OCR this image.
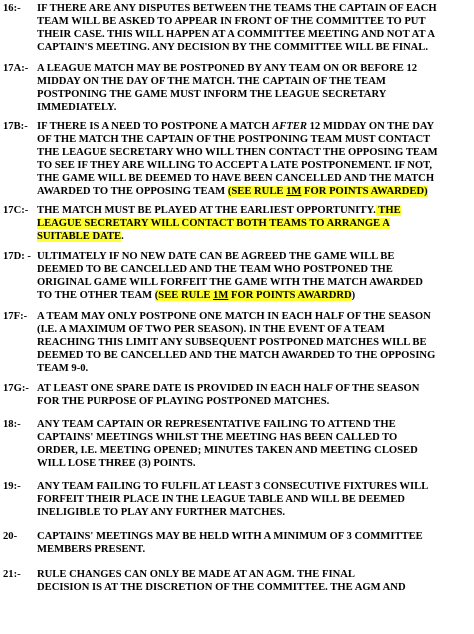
16:- IF THERE ARE ANY DISPUTES BETWEEN THE TEAMS THE CAPTAIN OF EACH
TEAM WILL BE ASKED TO APPEAR IN FRONT OF THE COMMITTEE TO PUT
THEIR CASE. THIS WILL HAPPEN AT A COMMITTEE MEETING AND NOT AT A
CAPTAIN'S MEETING. ANY DECISION BY THE COMMITTEE WILL BE FINAL.
17A:- A LEAGUE MATCH MAY BE POSTPONED BY ANY TEAM ON OR BEFORE 12
MIDDAY ON THE DAY OF THE MATCH. THE CAPTAIN OF THE TEAM
POSTPONING THE GAME MUST INFORM THE LEAGUE SECRETARY
IMMEDIATELY.
17B:- IF THERE IS A NEED TO POSTPONE A MATCH AFTER 12 MIDDAY ON THE DAY
OF THE MATCH THE CAPTAIN OF THE POSTPONING TEAM MUST CONTACT
THE LEAGUE SECRETARY WHO WILL THEN CONTACT THE OPPOSING TEAM
TO SEE IF THEY ARE WILLING TO ACCEPT A LATE POSTPONEMENT. IF NOT,
THE GAME WILL BE DEEMED TO HAVE BEEN CANCELLED AND THE MATCH
AWARDED TO THE OPPOSING TEAM (SEE RULE 1M FOR POINTS AWARDED)
17C:- THE MATCH MUST BE PLAYED AT THE EARLIEST OPPORTUNITY. THE
LEAGUE SECRETARY WILL CONTACT BOTH TEAMS TO ARRANGE A
SUITABLE DATE.
17D: - ULTIMATELY IF NO NEW DATE CAN BE AGREED THE GAME WILL BE
DEEMED TO BE CANCELLED AND THE TEAM WHO POSTPONED THE
ORIGINAL GAME WILL FORFEIT THE GAME WITH THE MATCH AWARDED
TO THE OTHER TEAM (SEE RULE 1M FOR POINTS AWARDRD)
17F:- A TEAM MAY ONLY POSTPONE ONE MATCH IN EACH HALF OF THE SEASON
(I.E. A MAXIMUM OF TWO PER SEASON). IN THE EVENT OF A TEAM
REACHING THIS LIMIT ANY SUBSEQUENT POSTPONED MATCHES WILL BE
DEEMED TO BE CANCELLED AND THE MATCH AWARDED TO THE OPPOSING
TEAM 9-0.
17G:- AT LEAST ONE SPARE DATE IS PROVIDED IN EACH HALF OF THE SEASON
FOR THE PURPOSE OF PLAYING POSTPONED MATCHES.
18:- ANY TEAM CAPTAIN OR REPRESENTATIVE FAILING TO ATTEND THE
CAPTAINS' MEETINGS WHILST THE MEETING HAS BEEN CALLED TO
ORDER, I.E. MEETING OPENED; MINUTES TAKEN AND MEETING CLOSED
WILL LOSE THREE (3) POINTS.
19:- ANY TEAM FAILING TO FULFIL AT LEAST 3 CONSECUTIVE FIXTURES WILL
FORFEIT THEIR PLACE IN THE LEAGUE TABLE AND WILL BE DEEMED
INELIGIBLE TO PLAY ANY FURTHER MATCHES.
20- CAPTAINS' MEETINGS MAY BE HELD WITH A MINIMUM OF 3 COMMITTEE
MEMBERS PRESENT.
21:- RULE CHANGES CAN ONLY BE MADE AT AN AGM. THE FINAL
DECISION IS AT THE DISCRETION OF THE COMMITTEE. THE AGM AND
